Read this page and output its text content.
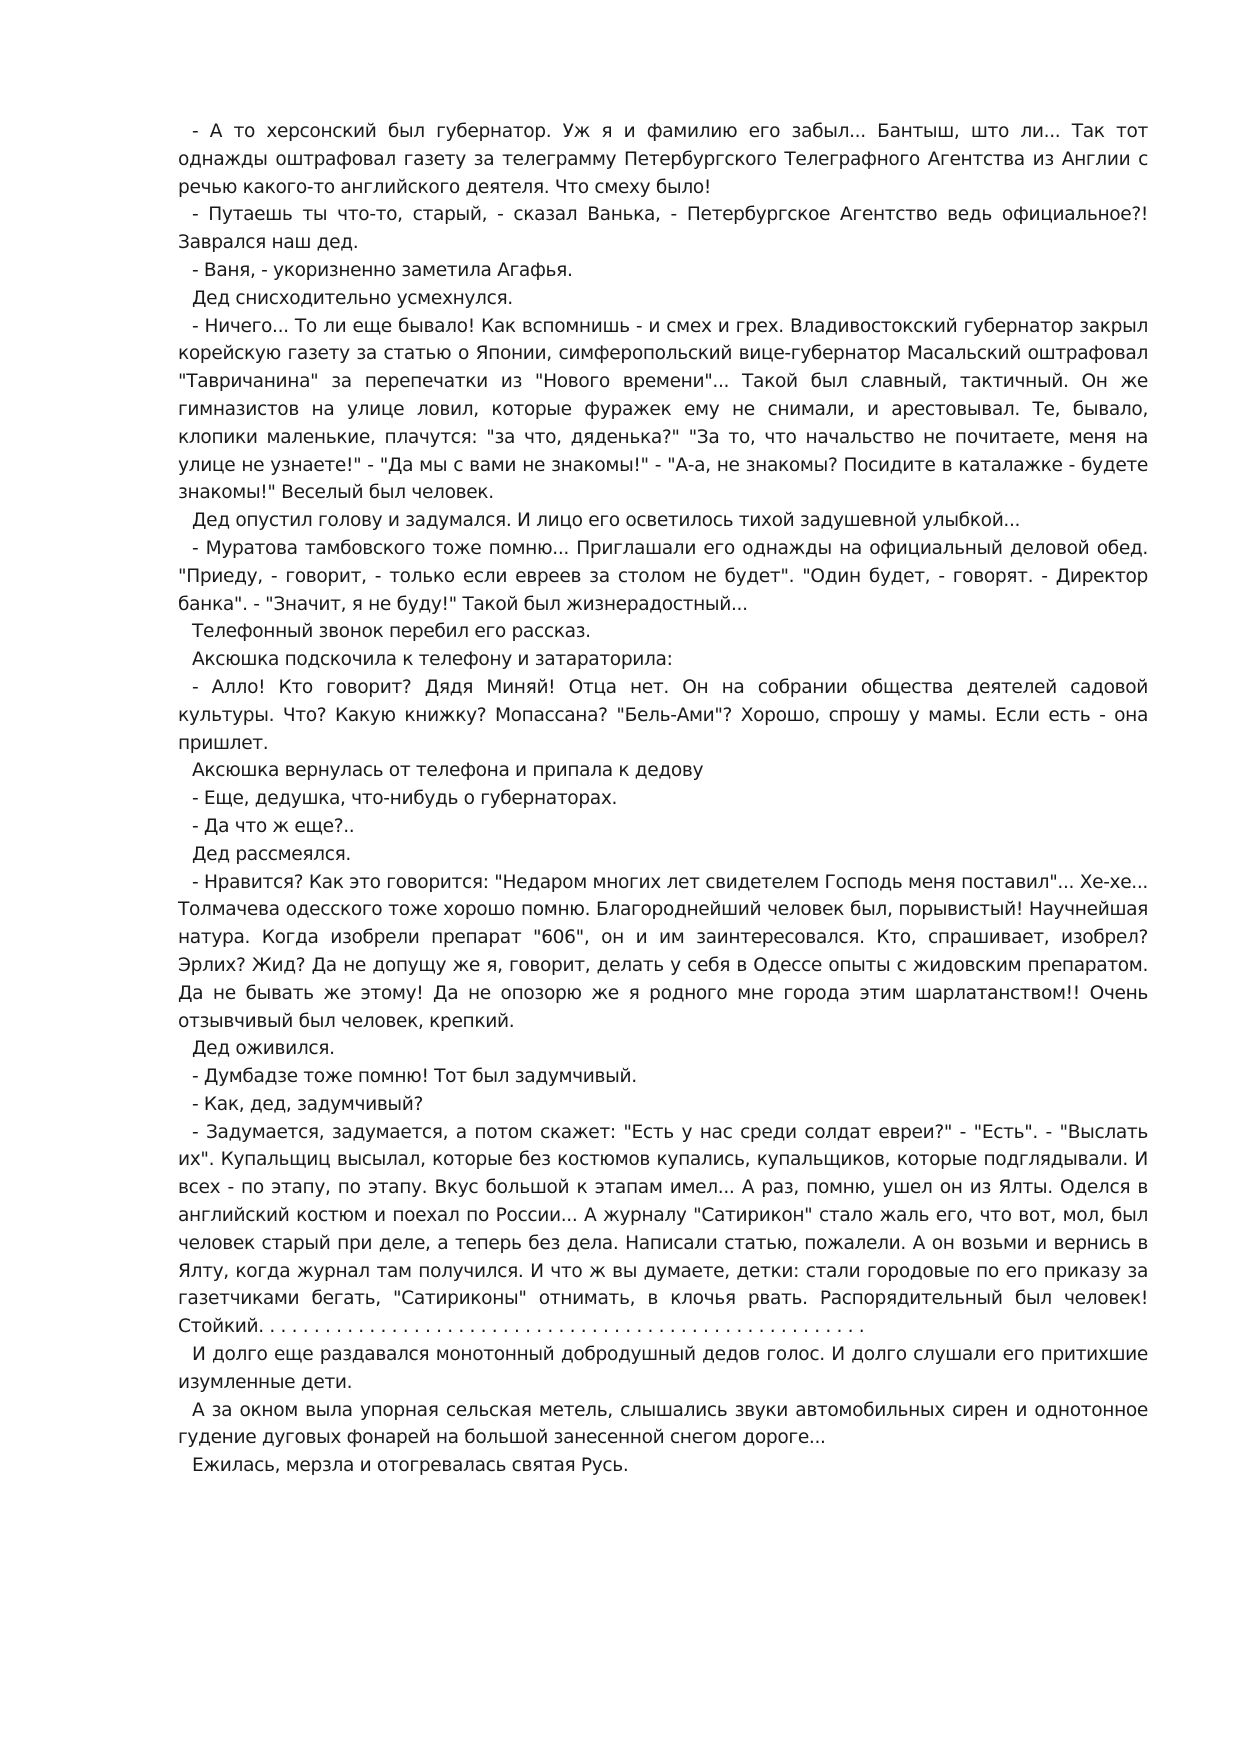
- А то херсонский был губернатор. Уж я и фамилию его забыл... Бантыш, што ли... Так тот однажды оштрафовал газету за телеграмму Петербургского Телеграфного Агентства из Англии с речью какого-то английского деятеля. Что смеху было!

- Путаешь ты что-то, старый, - сказал Ванька, - Петербургское Агентство ведь официальное?! Заврался наш дед.

- Ваня, - укоризненно заметила Агафья.

Дед снисходительно усмехнулся.

- Ничего... То ли еще бывало! Как вспомнишь - и смех и грех. Владивостокский губернатор закрыл корейскую газету за статью о Японии, симферопольский вице-губернатор Масальский оштрафовал "Тавричанина" за перепечатки из "Нового времени"... Такой был славный, тактичный. Он же гимназистов на улице ловил, которые фуражек ему не снимали, и арестовывал. Те, бывало, клопики маленькие, плачутся: "за что, дяденька?" "За то, что начальство не почитаете, меня на улице не узнаете!" - "Да мы с вами не знакомы!" - "А-а, не знакомы? Посидите в каталажке - будете знакомы!" Веселый был человек.

Дед опустил голову и задумался. И лицо его осветилось тихой задушевной улыбкой...

- Муратова тамбовского тоже помню... Приглашали его однажды на официальный деловой обед. "Приеду, - говорит, - только если евреев за столом не будет". "Один будет, - говорят. - Директор банка". - "Значит, я не буду!" Такой был жизнерадостный...

Телефонный звонок перебил его рассказ.

Аксюшка подскочила к телефону и затараторила:

- Алло! Кто говорит? Дядя Миняй! Отца нет. Он на собрании общества деятелей садовой культуры. Что? Какую книжку? Мопассана? "Бель-Ами"? Хорошо, спрошу у мамы. Если есть - она пришлет.

Аксюшка вернулась от телефона и припала к дедову

- Еще, дедушка, что-нибудь о губернаторах.

- Да что ж еще?..

Дед рассмеялся.

- Нравится? Как это говорится: "Недаром многих лет свидетелем Господь меня поставил"... Хе-хе... Толмачева одесского тоже хорошо помню. Благороднейший человек был, порывистый! Научнейшая натура. Когда изобрели препарат "606", он и им заинтересовался. Кто, спрашивает, изобрел? Эрлих? Жид? Да не допущу же я, говорит, делать у себя в Одессе опыты с жидовским препаратом. Да не бывать же этому! Да не опозорю же я родного мне города этим шарлатанством!! Очень отзывчивый был человек, крепкий.

Дед оживился.

- Думбадзе тоже помню! Тот был задумчивый.

- Как, дед, задумчивый?

- Задумается, задумается, а потом скажет: "Есть у нас среди солдат евреи?" - "Есть". - "Выслать их". Купальщиц высылал, которые без костюмов купались, купальщиков, которые подглядывали. И всех - по этапу, по этапу. Вкус большой к этапам имел... А раз, помню, ушел он из Ялты. Оделся в английский костюм и поехал по России... А журналу "Сатирикон" стало жаль его, что вот, мол, был человек старый при деле, а теперь без дела. Написали статью, пожалели. А он возьми и вернись в Ялту, когда журнал там получился. И что ж вы думаете, детки: стали городовые по его приказу за газетчиками бегать, "Сатириконы" отнимать, в клочья рвать. Распорядительный был человек! Стойкий. . . . . . . . . . . . . . . . . . . . . . . . . . . . . . . . . . . . . . . . . . . . . . . . . . . . . . .

И долго еще раздавался монотонный добродушный дедов голос. И долго слушали его притихшие изумленные дети.

А за окном выла упорная сельская метель, слышались звуки автомобильных сирен и однотонное гудение дуговых фонарей на большой занесенной снегом дороге...

Ежилась, мерзла и отогревалась святая Русь.
